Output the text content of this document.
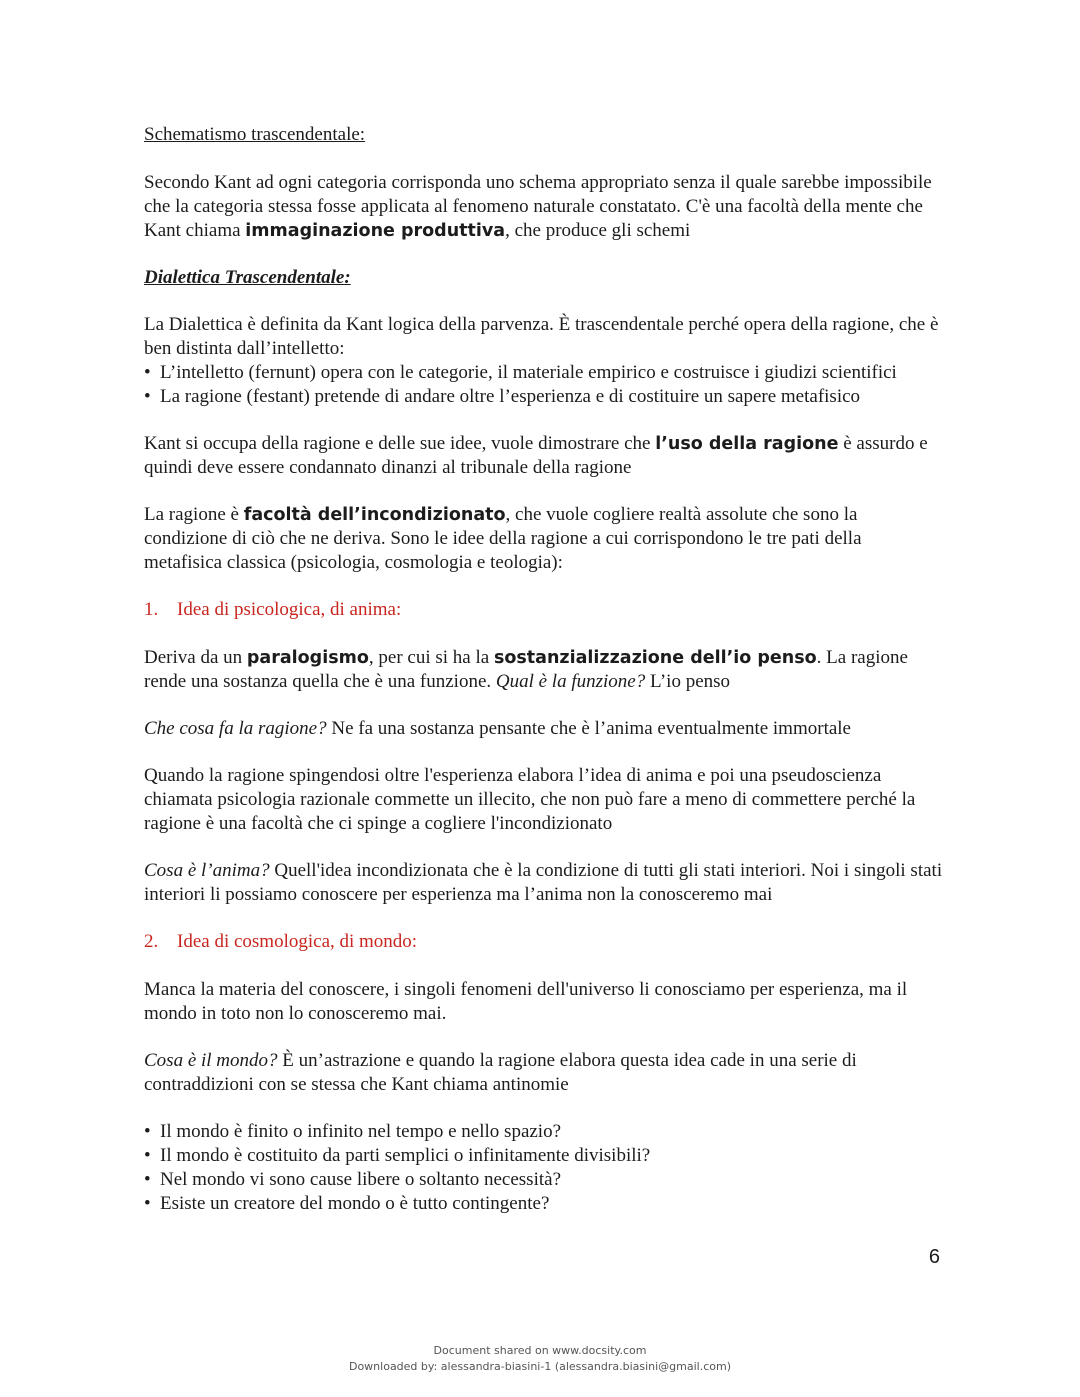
Schematismo trascendentale:

Secondo Kant ad ogni categoria corrisponda uno schema appropriato senza il quale sarebbe impossibile che la categoria stessa fosse applicata al fenomeno naturale constatato. C'è una facoltà della mente che Kant chiama immaginazione produttiva, che produce gli schemi

Dialettica Trascendentale:

La Dialettica è definita da Kant logica della parvenza. È trascendentale perché opera della ragione, che è ben distinta dall’intelletto:

• L’intelletto (fernunt) opera con le categorie, il materiale empirico e costruisce i giudizi scientifici
• La ragione (festant) pretende di andare oltre l’esperienza e di costituire un sapere metafisico

Kant si occupa della ragione e delle sue idee, vuole dimostrare che l’uso della ragione è assurdo e quindi deve essere condannato dinanzi al tribunale della ragione

La ragione è facoltà dell’incondizionato, che vuole cogliere realtà assolute che sono la condizione di ciò che ne deriva. Sono le idee della ragione a cui corrispondono le tre pati della metafisica classica (psicologia, cosmologia e teologia):

1. Idea di psicologica, di anima:

Deriva da un paralogismo, per cui si ha la sostanzializzazione dell’io penso. La ragione rende una sostanza quella che è una funzione. Qual è la funzione? L’io penso

Che cosa fa la ragione? Ne fa una sostanza pensante che è l’anima eventualmente immortale

Quando la ragione spingendosi oltre l'esperienza elabora l’idea di anima e poi una pseudoscienza chiamata psicologia razionale commette un illecito, che non può fare a meno di commettere perché la ragione è una facoltà che ci spinge a cogliere l'incondizionato

Cosa è l’anima? Quell'idea incondizionata che è la condizione di tutti gli stati interiori. Noi i singoli stati interiori li possiamo conoscere per esperienza ma l’anima non la conosceremo mai

2. Idea di cosmologica, di mondo:

Manca la materia del conoscere, i singoli fenomeni dell'universo li conosciamo per esperienza, ma il mondo in toto non lo conosceremo mai.

Cosa è il mondo? È un’astrazione e quando la ragione elabora questa idea cade in una serie di contraddizioni con se stessa che Kant chiama antinomie

• Il mondo è finito o infinito nel tempo e nello spazio?
• Il mondo è costituito da parti semplici o infinitamente divisibili?
• Nel mondo vi sono cause libere o soltanto necessità?
• Esiste un creatore del mondo o è tutto contingente?
6
Document shared on www.docsity.com
Downloaded by: alessandra-biasini-1 (alessandra.biasini@gmail.com)
